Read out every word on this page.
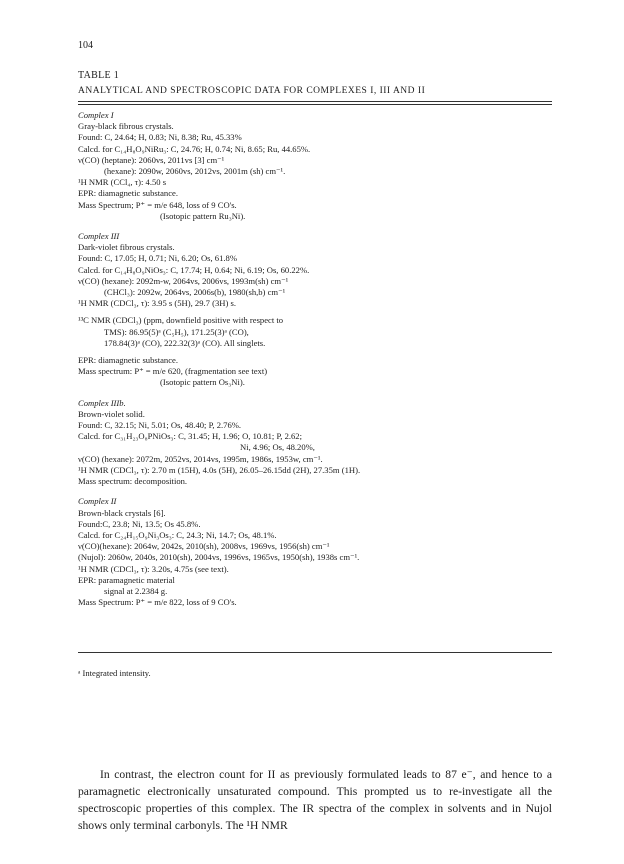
104
TABLE 1
ANALYTICAL AND SPECTROSCOPIC DATA FOR COMPLEXES I, III AND II
Complex I
Gray-black fibrous crystals.
Found: C, 24.64; H, 0.83; Ni, 8.38; Ru, 45.33%
Calcd. for C₁₄H₈O₉NiRu₃: C, 24.76; H, 0.74; Ni, 8.65; Ru, 44.65%.
ν(CO) (heptane): 2060vs, 2011vs [3] cm⁻¹
(hexane): 2090w, 2060vs, 2012vs, 2001m (sh) cm⁻¹.
¹H NMR (CCl₄, τ): 4.50 s
EPR: diamagnetic substance.
Mass Spectrum; P⁺ = m/e 648, loss of 9 CO's.
(Isotopic pattern Ru₃Ni).
Complex III
Dark-violet fibrous crystals.
Found: C, 17.05; H, 0.71; Ni, 6.20; Os, 61.8%
Calcd. for C₁₄H₈O₉NiOs₃: C, 17.74; H, 0.64; Ni, 6.19; Os, 60.22%.
ν(CO) (hexane): 2092m-w, 2064vs, 2006vs, 1993m(sh) cm⁻¹
(CHCl₃): 2092w, 2064vs, 2006s(b), 1980(sh,b) cm⁻¹
¹H NMR (CDCl₃, τ): 3.95 s (5H), 29.7 (3H) s.
¹³C NMR (CDCl₃) (ppm, downfield positive with respect to
TMS): 86.95(5)ᵃ (C₅H₅), 171.25(3)ᵃ (CO),
178.84(3)ᵃ (CO), 222.32(3)ᵃ (CO). All singlets.
EPR: diamagnetic substance.
Mass spectrum: P⁺ = m/e 620, (fragmentation see text)
(Isotopic pattern Os₃Ni).
Complex IIIb.
Brown-violet solid.
Found: C, 32.15; Ni, 5.01; Os, 48.40; P, 2.76%.
Calcd. for C₃₁H₂₃O₈PNiOs₃: C, 31.45; H, 1.96; O, 10.81; P, 2.62;
Ni, 4.96; Os, 48.20%,
ν(CO) (hexane): 2072m, 2052vs, 2014vs, 1995m, 1986s, 1953w, cm⁻¹.
¹H NMR (CDCl₃, τ): 2.70 m (15H), 4.0s (5H), 26.05–26.15dd (2H), 27.35m (1H).
Mass spectrum: decomposition.
Complex II
Brown-black crystals [6].
Found:C, 23.8; Ni, 13.5; Os 45.8%.
Calcd. for C₂₄H₁₅O₉Ni₃Os₃: C, 24.3; Ni, 14.7; Os, 48.1%.
ν(CO)(hexane): 2064w, 2042s, 2010(sh), 2008vs, 1969vs, 1956(sh) cm⁻¹
(Nujol): 2060w, 2040s, 2010(sh), 2004vs, 1996vs, 1965vs, 1950(sh), 1938s cm⁻¹.
¹H NMR (CDCl₃, τ): 3.20s, 4.75s (see text).
EPR: paramagnetic material
signal at 2.2384 g.
Mass Spectrum: P⁺ = m/e 822, loss of 9 CO's.
ᵃ Integrated intensity.

In contrast, the electron count for II as previously formulated leads to 87 e⁻, and hence to a paramagnetic electronically unsaturated compound. This prompted us to re-investigate all the spectroscopic properties of this complex. The IR spectra of the complex in solvents and in Nujol shows only terminal carbonyls. The ¹H NMR
